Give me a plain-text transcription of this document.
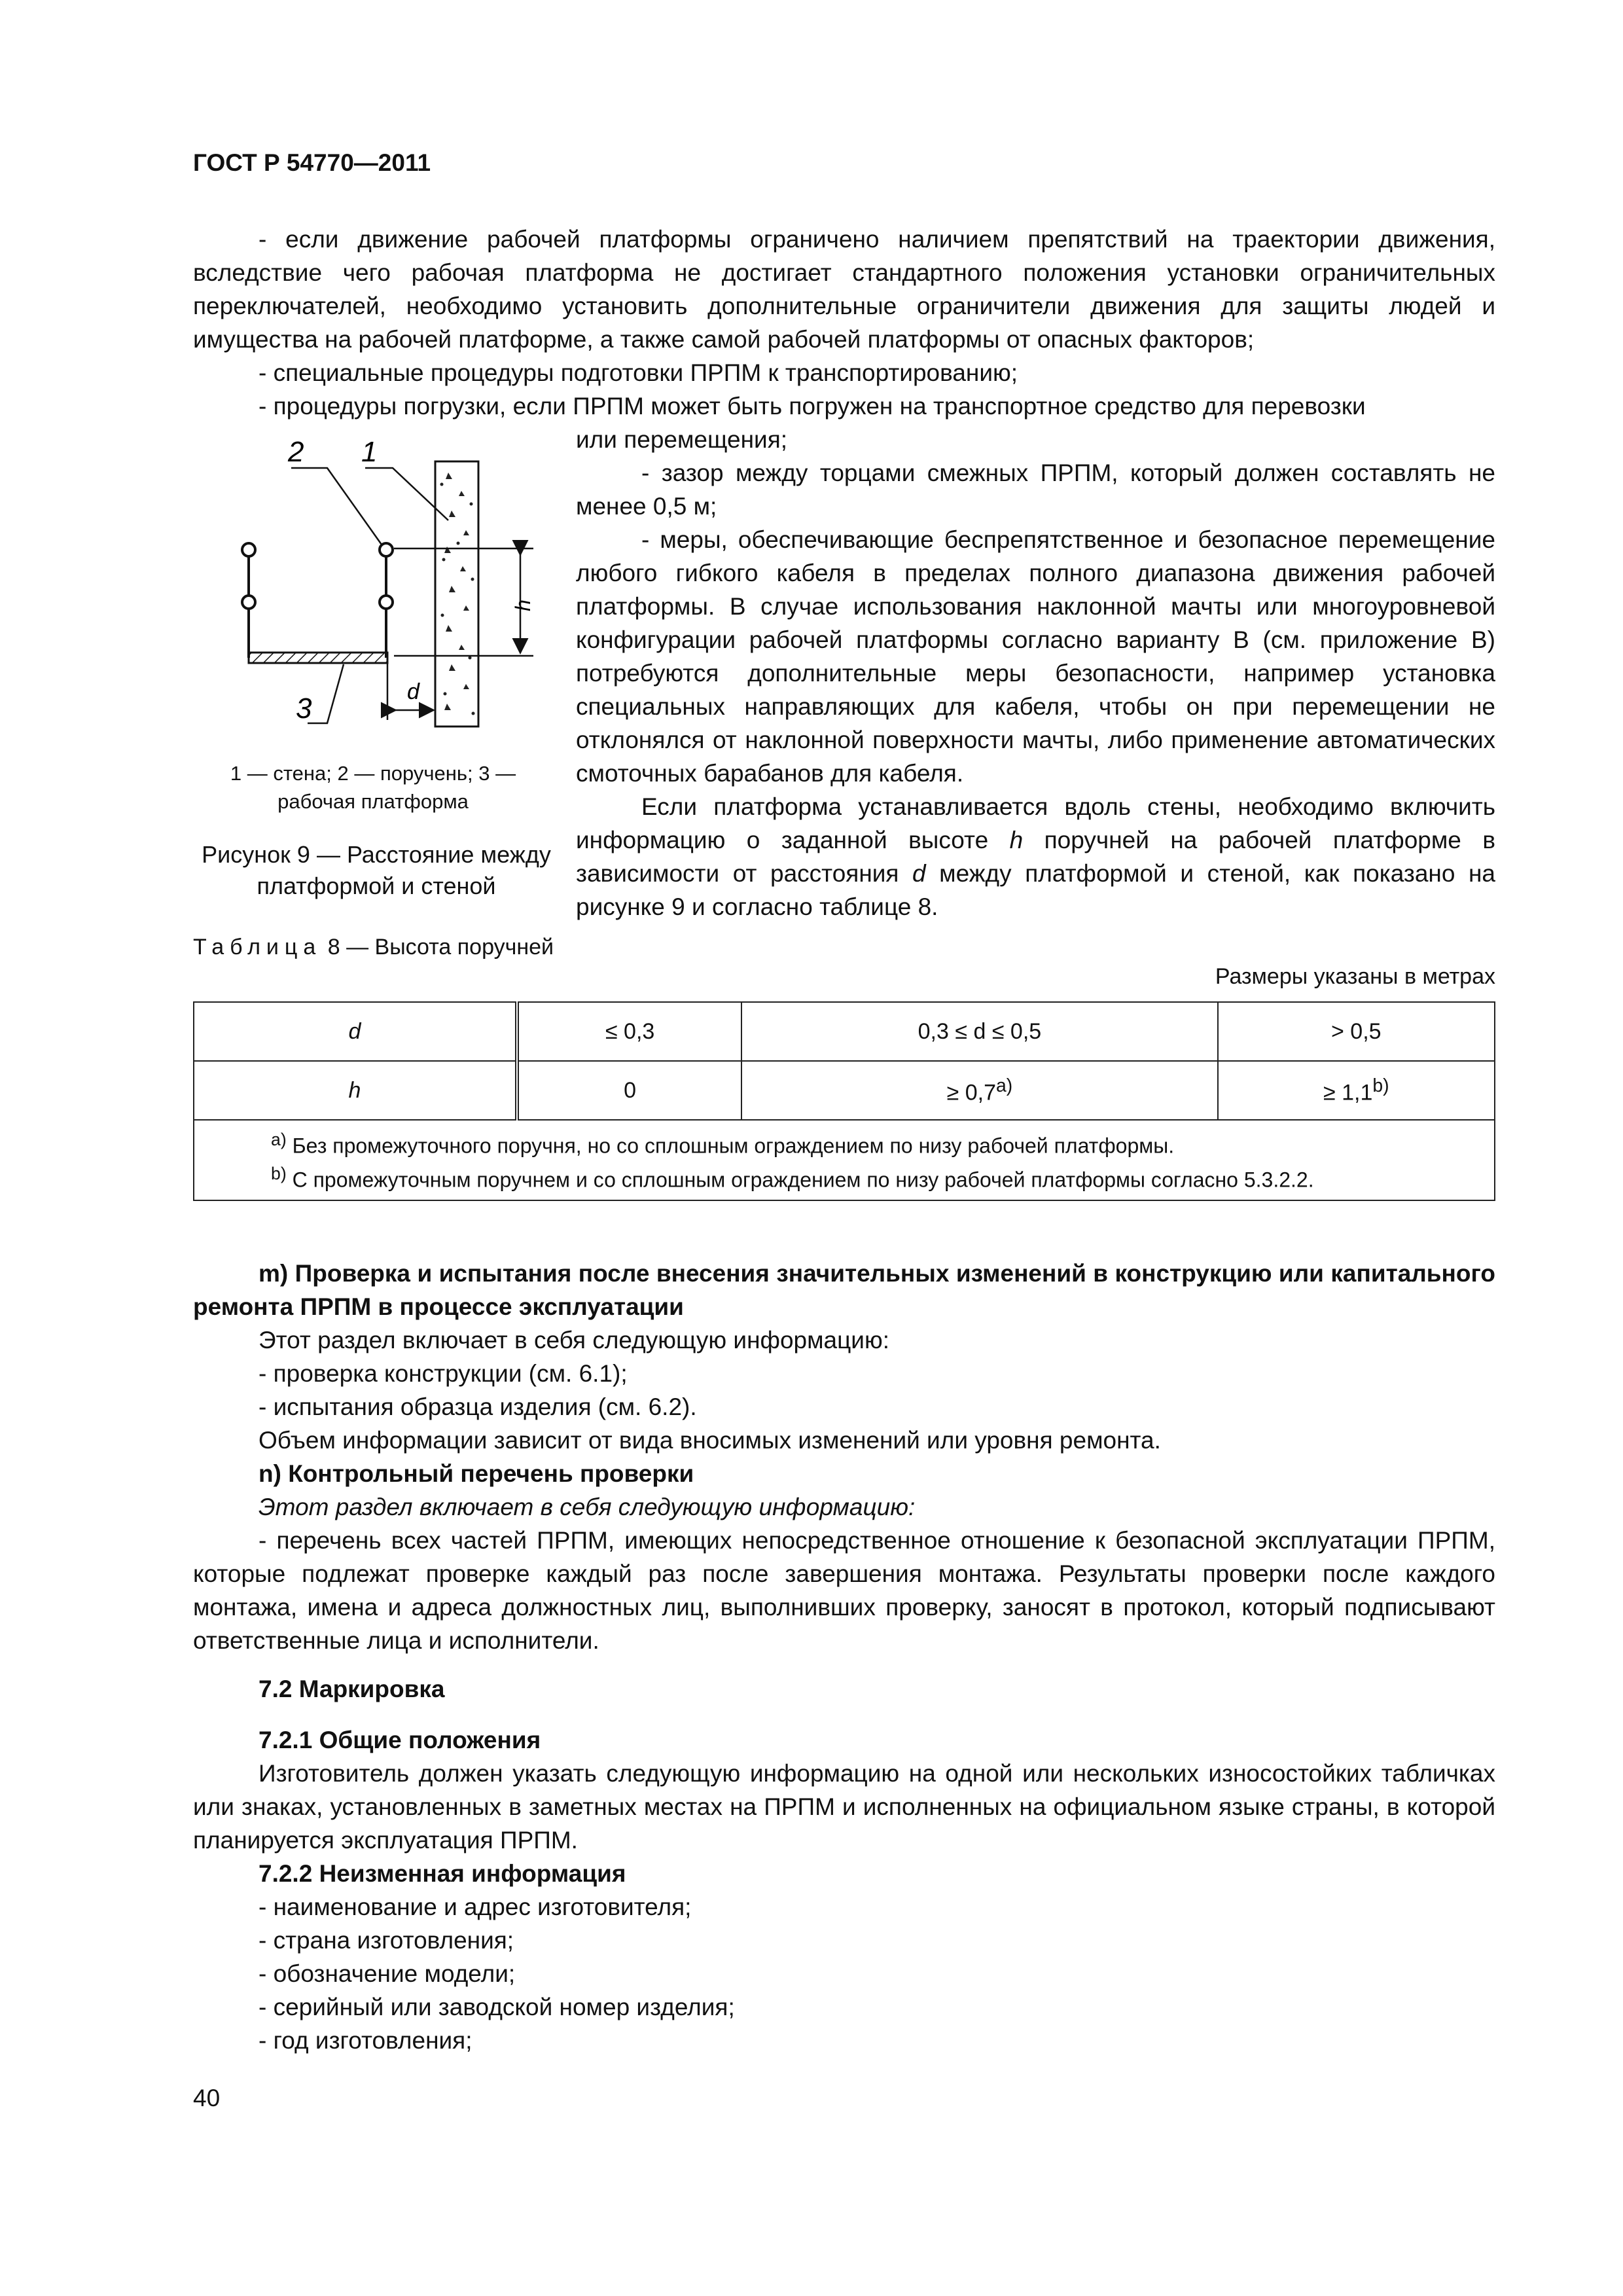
ГОСТ Р 54770—2011

- если движение рабочей платформы ограничено наличием препятствий на траектории движения, вследствие чего рабочая платформа не достигает стандартного положения установки ограничительных переключателей, необходимо установить дополнительные ограничители движения для защиты людей и имущества на рабочей платформе, а также самой рабочей платформы от опасных факторов;

- специальные процедуры подготовки ПРПМ к транспортированию;

- процедуры погрузки, если ПРПМ может быть погружен на транспортное средство для перевозки

или перемещения;

- зазор между торцами смежных ПРПМ, который должен составлять не менее 0,5 м;

- меры, обеспечивающие беспрепятственное и безопасное перемещение любого гибкого кабеля в пределах полного диапазона движения рабочей платформы. В случае использования наклонной мачты или многоуровневой конфигурации рабочей платформы согласно варианту В (см. приложение В) потребуются дополнительные меры безопасности, например установка специальных направляющих для кабеля, чтобы он при перемещении не отклонялся от наклонной поверхности мачты, либо применение автоматических смоточных барабанов для кабеля.

Если платформа устанавливается вдоль стены, необходимо включить информацию о заданной высоте h поручней на рабочей платформе в зависимости от расстояния d между платформой и стеной, как показано на рисунке 9 и согласно таблице 8.

h
d
2 1
3
1 — стена; 2 — поручень; 3 — рабочая платформа
Рисунок 9 — Расстояние между платформой и стеной
Таблица 8 — Высота поручней
Размеры указаны в метрах
d	≤ 0,3	0,3 ≤ d ≤ 0,5	> 0,5
h	0	≥ $0,7^{a)}$	≥ $1,1^{b)}$

$^{a)}$ Без промежуточного поручня, но со сплошным ограждением по низу рабочей платформы.
$^{b)}$ С промежуточным поручнем и со сплошным ограждением по низу рабочей платформы согласно 5.3.2.2.			

m) Проверка и испытания после внесения значительных изменений в конструкцию или капитального ремонта ПРПМ в процессе эксплуатации

Этот раздел включает в себя следующую информацию:

- проверка конструкции (см. 6.1);

- испытания образца изделия (см. 6.2).

Объем информации зависит от вида вносимых изменений или уровня ремонта.

n) Контрольный перечень проверки

Этот раздел включает в себя следующую информацию:

- перечень всех частей ПРПМ, имеющих непосредственное отношение к безопасной эксплуатации ПРПМ, которые подлежат проверке каждый раз после завершения монтажа. Результаты проверки после каждого монтажа, имена и адреса должностных лиц, выполнивших проверку, заносят в протокол, который подписывают ответственные лица и исполнители.

7.2 Маркировка

7.2.1 Общие положения

Изготовитель должен указать следующую информацию на одной или нескольких износостойких табличках или знаках, установленных в заметных местах на ПРПМ и исполненных на официальном языке страны, в которой планируется эксплуатация ПРПМ.

7.2.2 Неизменная информация

- наименование и адрес изготовителя;

- страна изготовления;

- обозначение модели;

- серийный или заводской номер изделия;

- год изготовления;

40
